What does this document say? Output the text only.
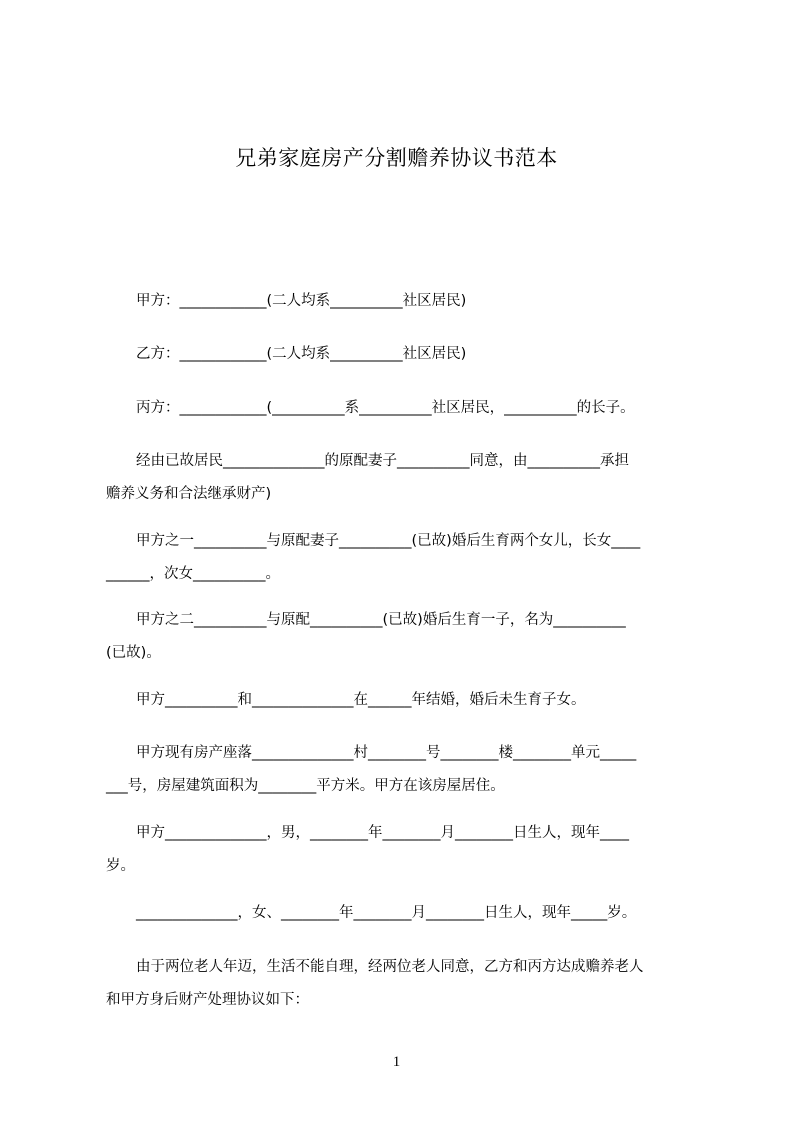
兄弟家庭房产分割赡养协议书范本
甲方：____________(二人均系__________社区居民)
乙方：____________(二人均系__________社区居民)
丙方：____________(__________系__________社区居民，__________的长子。
经由已故居民______________的原配妻子__________同意，由__________承担
赡养义务和合法继承财产)
甲方之一__________与原配妻子__________(已故)婚后生育两个女儿，长女____
______，次女__________。
甲方之二__________与原配__________(已故)婚后生育一子，名为__________
(已故)。
甲方__________和______________在______年结婚，婚后未生育子女。
甲方现有房产座落______________村________号________楼________单元_____
___号，房屋建筑面积为________平方米。甲方在该房屋居住。
甲方______________，男，________年________月________日生人，现年____
岁。
______________，女、________年________月________日生人，现年_____岁。
由于两位老人年迈，生活不能自理，经两位老人同意，乙方和丙方达成赡养老人
和甲方身后财产处理协议如下：
1
